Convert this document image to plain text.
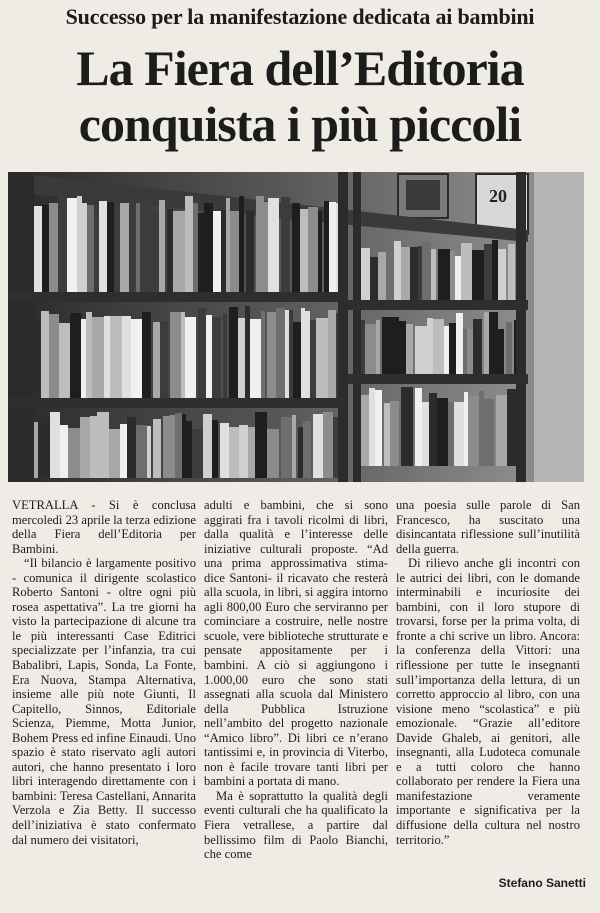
Successo per la manifestazione dedicata ai bambini
La Fiera dell’Editoria
conquista i più piccoli
20

VETRALLA - Si è conclusa mercoledì 23 aprile la terza edizione della Fiera dell’Editoria per Bambini.

“Il bilancio è largamente positivo - comunica il dirigente scolastico Roberto Santoni - oltre ogni più rosea aspettativa”. La tre giorni ha visto la partecipazione di alcune tra le più interessanti Case Editrici specializzate per l’infanzia, tra cui Babalibri, Lapis, Sonda, La Fonte, Era Nuova, Stampa Alternativa, insieme alle più note Giunti, Il Capitello, Sinnos, Editoriale Scienza, Piemme, Motta Junior, Bohem Press ed infine Einaudi. Uno spazio è stato riservato agli autori autori, che hanno presentato i loro libri interagendo direttamente con i bambini: Teresa Castellani, Annarita Verzola e Zia Betty. Il successo dell’iniziativa è stato confermato dal numero dei visitatori,

adulti e bambini, che si sono aggirati fra i tavoli ricolmi di libri, dalla qualità e l’interesse delle iniziative culturali proposte. “Ad una prima approssimativa stima- dice Santoni- il ricavato che resterà alla scuola, in libri, si aggira intorno agli 800,00 Euro che serviranno per cominciare a costruire, nelle nostre scuole, vere biblioteche strutturate e pensate appositamente per i bambini. A ciò si aggiungono i 1.000,00 euro che sono stati assegnati alla scuola dal Ministero della Pubblica Istruzione nell’ambito del progetto nazionale “Amico libro”. Di libri ce n’erano tantissimi e, in provincia di Viterbo, non è facile trovare tanti libri per bambini a portata di mano.

Ma è soprattutto la qualità degli eventi culturali che ha qualificato la Fiera vetrallese, a partire dal bellissimo film di Paolo Bianchi, che come

una poesia sulle parole di San Francesco, ha suscitato una disincantata riflessione sull’inutilità della guerra.

Di rilievo anche gli incontri con le autrici dei libri, con le domande interminabili e incuriosite dei bambini, con il loro stupore di trovarsi, forse per la prima volta, di fronte a chi scrive un libro. Ancora: la conferenza della Vittori: una riflessione per tutte le insegnanti sull’importanza della lettura, di un corretto approccio al libro, con una visione meno “scolastica” e più emozionale. “Grazie all’editore Davide Ghaleb, ai genitori, alle insegnanti, alla Ludoteca comunale e a tutti coloro che hanno collaborato per rendere la Fiera una manifestazione veramente importante e significativa per la diffusione della cultura nel nostro territorio.”

Stefano Sanetti
